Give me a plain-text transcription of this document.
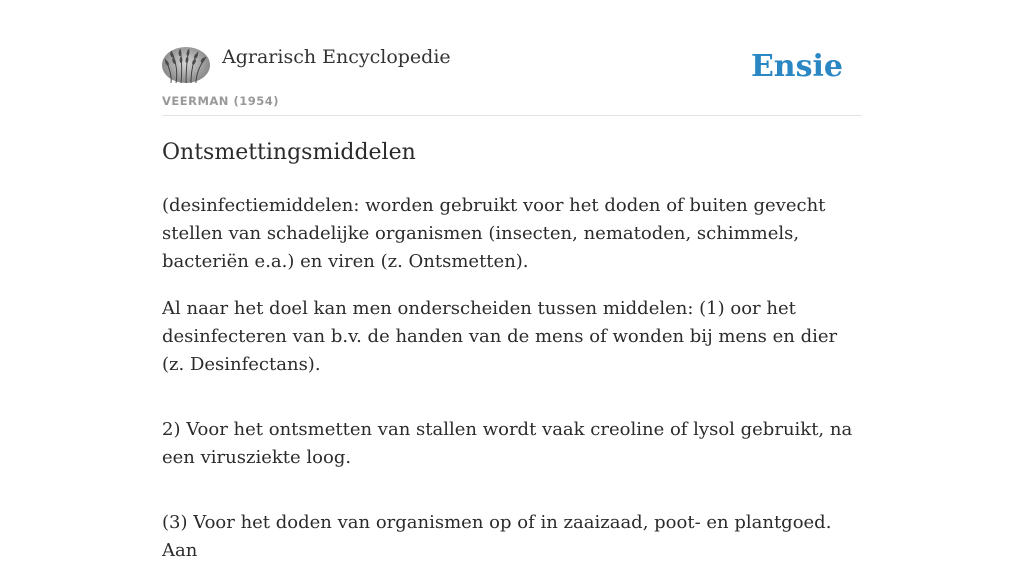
Agrarisch Encyclopedie
VEERMAN (1954)
Ensie
Ontsmettingsmiddelen

(desinfectiemiddelen: worden gebruikt voor het doden of buiten gevecht stellen van schadelijke organismen (insecten, nematoden, schimmels, bacteriën e.a.) en viren (z. Ontsmetten).

Al naar het doel kan men onderscheiden tussen middelen: (1) oor het desinfecteren van b.v. de handen van de mens of wonden bij mens en dier (z. Desinfectans).

2) Voor het ontsmetten van stallen wordt vaak creoline of lysol gebruikt, na een virusziekte loog.

(3) Voor het doden van organismen op of in zaaizaad, poot- en plantgoed. Aan
